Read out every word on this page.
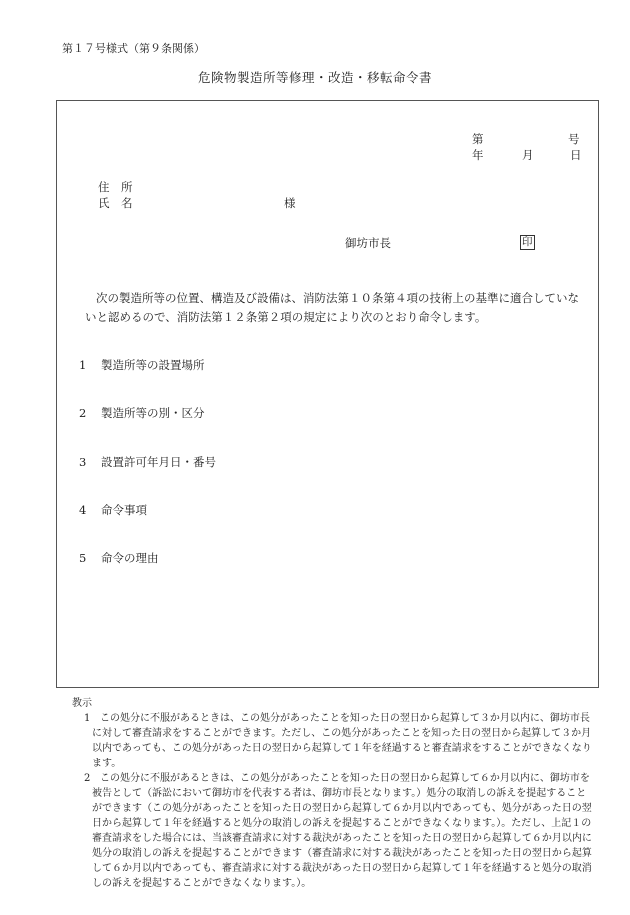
第１７号様式（第９条関係）
危険物製造所等修理・改造・移転命令書
第	号
年	月	日
住　所
氏　名	様
御坊市長	印
次の製造所等の位置、構造及び設備は、消防法第１０条第４項の技術上の基準に適合していないと認めるので、消防法第１２条第２項の規定により次のとおり命令します。
1 製造所等の設置場所
2 製造所等の別・区分
3 設置許可年月日・番号
4 命令事項
5 命令の理由
教示
1 この処分に不服があるときは、この処分があったことを知った日の翌日から起算して３か月以内に、御坊市長
に対して審査請求をすることができます。ただし、この処分があったことを知った日の翌日から起算して３か月
以内であっても、この処分があった日の翌日から起算して１年を経過すると審査請求をすることができなくなり
ます。
2 この処分に不服があるときは、この処分があったことを知った日の翌日から起算して６か月以内に、御坊市を
被告として（訴訟において御坊市を代表する者は、御坊市長となります。）処分の取消しの訴えを提起すること
ができます（この処分があったことを知った日の翌日から起算して６か月以内であっても、処分があった日の翌
日から起算して１年を経過すると処分の取消しの訴えを提起することができなくなります。）。ただし、上記１の
審査請求をした場合には、当該審査請求に対する裁決があったことを知った日の翌日から起算して６か月以内に
処分の取消しの訴えを提起することができます（審査請求に対する裁決があったことを知った日の翌日から起算
して６か月以内であっても、審査請求に対する裁決があった日の翌日から起算して１年を経過すると処分の取消
しの訴えを提起することができなくなります。）。
